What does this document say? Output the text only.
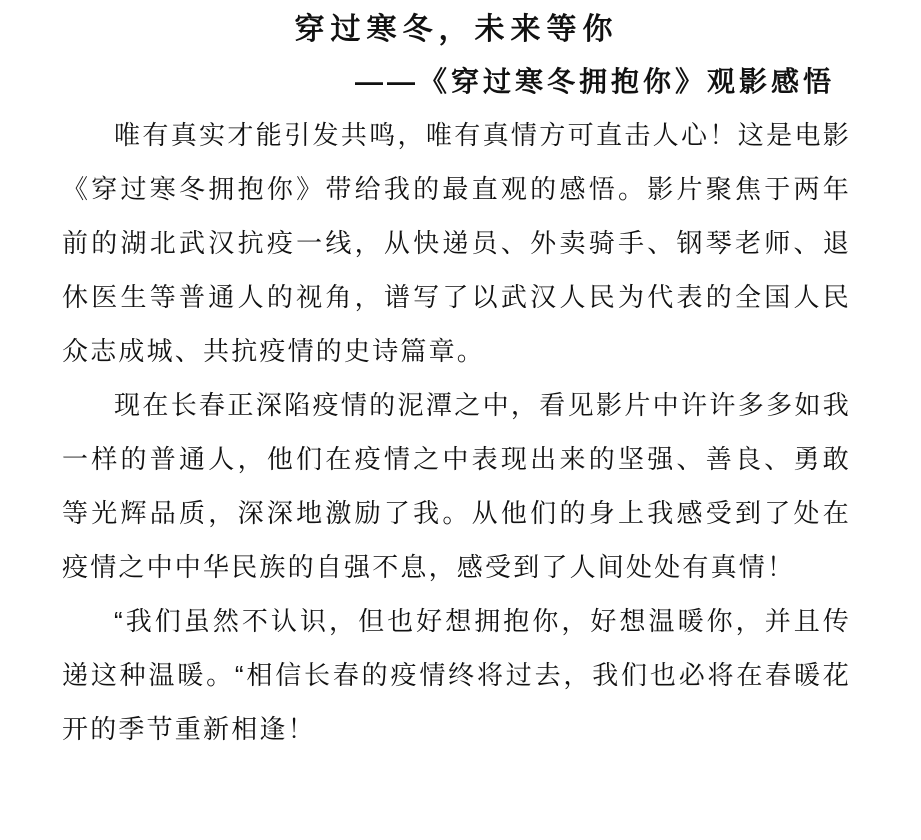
穿过寒冬，未来等你
——《穿过寒冬拥抱你》观影感悟

唯有真实才能引发共鸣，唯有真情方可直击人心！这是电影《穿过寒冬拥抱你》带给我的最直观的感悟。影片聚焦于两年前的湖北武汉抗疫一线，从快递员、外卖骑手、钢琴老师、退休医生等普通人的视角，谱写了以武汉人民为代表的全国人民众志成城、共抗疫情的史诗篇章。

现在长春正深陷疫情的泥潭之中，看见影片中许许多多如我一样的普通人，他们在疫情之中表现出来的坚强、善良、勇敢等光辉品质，深深地激励了我。从他们的身上我感受到了处在疫情之中中华民族的自强不息，感受到了人间处处有真情！

“我们虽然不认识，但也好想拥抱你，好想温暖你，并且传递这种温暖。“相信长春的疫情终将过去，我们也必将在春暖花开的季节重新相逢！
